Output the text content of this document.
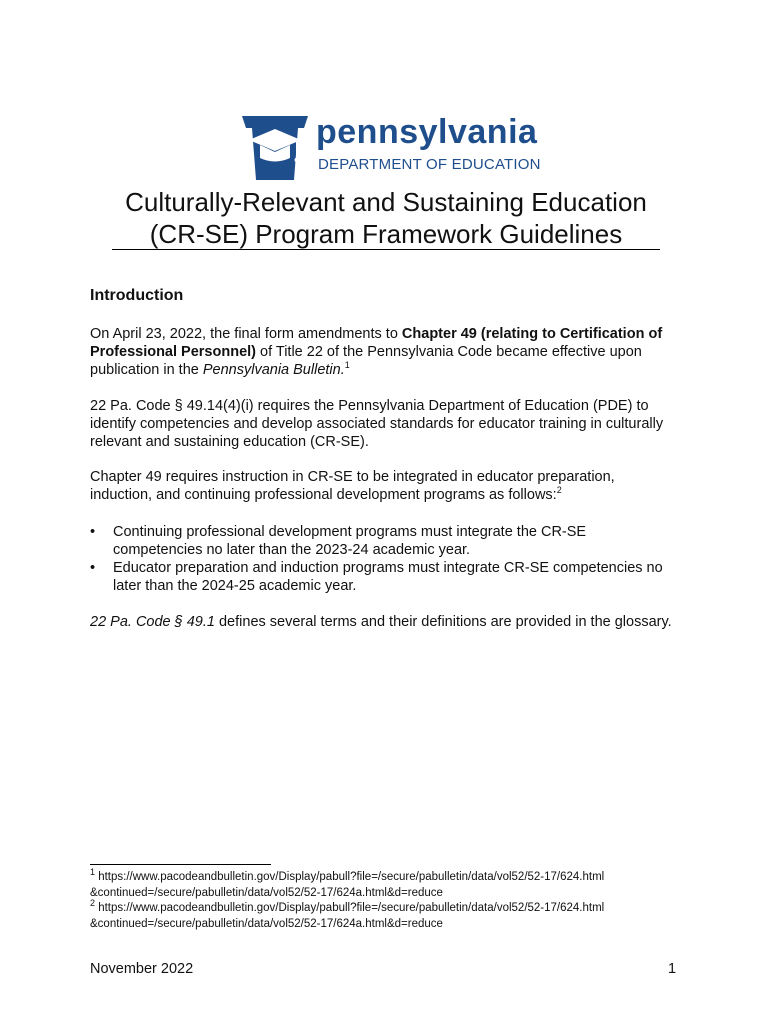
pennsylvania
DEPARTMENT OF EDUCATION
Culturally-Relevant and Sustaining Education
(CR-SE) Program Framework Guidelines
Introduction
On April 23, 2022, the final form amendments to Chapter 49 (relating to Certification of Professional Personnel) of Title 22 of the Pennsylvania Code became effective upon publication in the Pennsylvania Bulletin.$^1$
22 Pa. Code § 49.14(4)(i) requires the Pennsylvania Department of Education (PDE) to identify competencies and develop associated standards for educator training in culturally relevant and sustaining education (CR-SE).
Chapter 49 requires instruction in CR-SE to be integrated in educator preparation, induction, and continuing professional development programs as follows:$^2$
•	Continuing professional development programs must integrate the CR-SE competencies no later than the 2023-24 academic year.
•	Educator preparation and induction programs must integrate CR-SE competencies no later than the 2024-25 academic year.
22 Pa. Code § 49.1 defines several terms and their definitions are provided in the glossary.
$^1$ https://www.pacodeandbulletin.gov/Display/pabull?file=/secure/pabulletin/data/vol52/52-17/624.html&continued=/secure/pabulletin/data/vol52/52-17/624a.html&d=reduce
$^2$ https://www.pacodeandbulletin.gov/Display/pabull?file=/secure/pabulletin/data/vol52/52-17/624.html&continued=/secure/pabulletin/data/vol52/52-17/624a.html&d=reduce
November 2022	1
